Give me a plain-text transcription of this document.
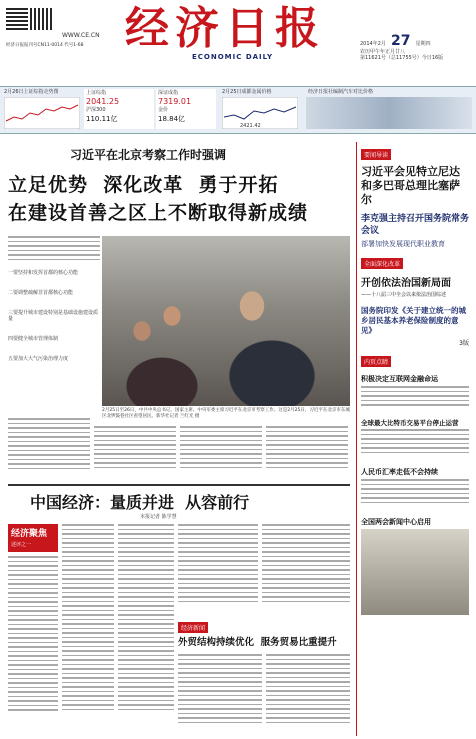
WWW.CE.CN
经济日报报刊号CN11-0014 代号1-68 经济日报
ECONOMIC DAILY
2014年2月 27 星期四
农历甲午年正月廿八
第11621号（总11755号）今日16版
2月26日上证综指走势图	上证综指
2041.25
沪深300
110.11亿
深证成指
7319.01
金价
18.84亿
2月25日成都金属价格
2421.42
经济日报社编制汽车对比价格
习近平在北京考察工作时强调
立足优势  深化改革  勇于开拓
在建设首善之区上不断取得新成绩
一要坚持和发挥首都的核心功能
二要调整疏解非首都核心功能
三要提升城市建设特别是基础设施建设质量
四要健全城市管理体制
五要加大大气污染治理力度
2月25日至26日，中共中央总书记、国家主席、中央军委主席习近平在北京市考察工作。这是2月25日，习近平在北京市东城区北锣鼓巷社区看望居民。新华社记者 兰红光 摄
要闻导读
习近平会见特立尼达和多巴哥总理比塞萨尔
李克强主持召开国务院常务会议
部署加快发展现代职业教育
全面深化改革
开创依法治国新局面
——十八届三中全会以来依法治国综述
国务院印发《关于建立统一的城乡居民基本养老保险制度的意见》
3版
内页点睛
积极决定互联网金融命运
全球最大比特币交易平台停止运营
人民币汇率走低不会持续
全国两会新闻中心启用
中国经济：量质并进  从容前行
本报记者 陈学慧
经济聚焦
述评之一
经济新闻
外贸结构持续优化  服务贸易比重提升
